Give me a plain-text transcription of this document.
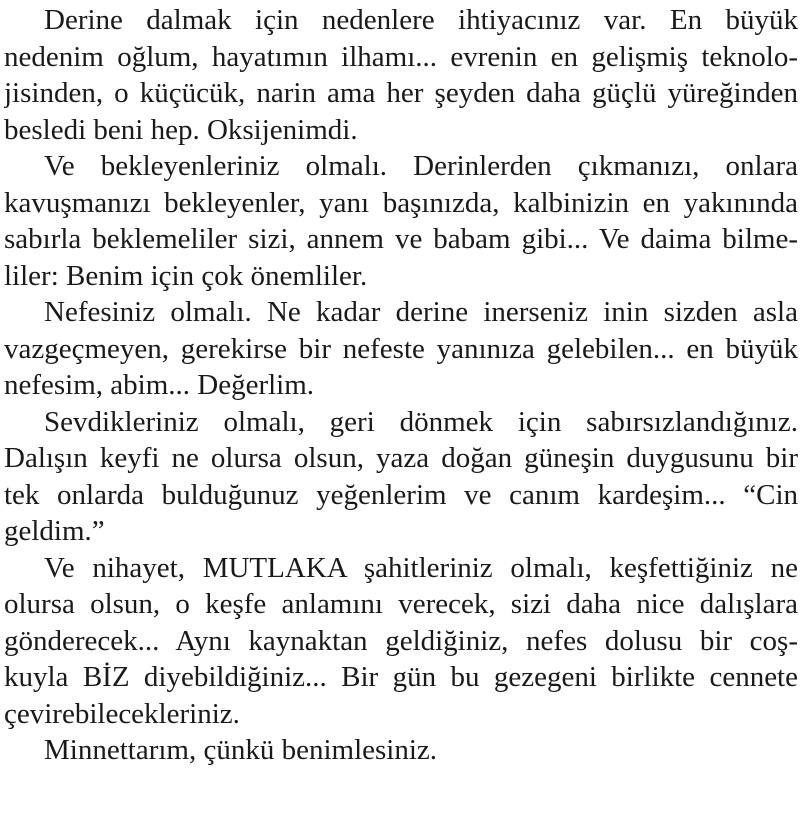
Derine dalmak için nedenlere ihtiyacınız var. En büyük
nedenim oğlum, hayatımın ilhamı... evrenin en gelişmiş teknolo-
jisinden, o küçücük, narin ama her şeyden daha güçlü yüreğinden
besledi beni hep. Oksijenimdi.
Ve bekleyenleriniz olmalı. Derinlerden çıkmanızı, onlara
kavuşmanızı bekleyenler, yanı başınızda, kalbinizin en yakınında
sabırla beklemeliler sizi, annem ve babam gibi... Ve daima bilme-
liler: Benim için çok önemliler.
Nefesiniz olmalı. Ne kadar derine inerseniz inin sizden asla
vazgeçmeyen, gerekirse bir nefeste yanınıza gelebilen... en büyük
nefesim, abim... Değerlim.
Sevdikleriniz olmalı, geri dönmek için sabırsızlandığınız.
Dalışın keyfi ne olursa olsun, yaza doğan güneşin duygusunu bir
tek onlarda bulduğunuz yeğenlerim ve canım kardeşim... “Cin
geldim.”
Ve nihayet, MUTLAKA şahitleriniz olmalı, keşfettiğiniz ne
olursa olsun, o keşfe anlamını verecek, sizi daha nice dalışlara
gönderecek... Aynı kaynaktan geldiğiniz, nefes dolusu bir coş-
kuyla BİZ diyebildiğiniz... Bir gün bu gezegeni birlikte cennete
çevirebilecekleriniz.
Minnettarım, çünkü benimlesiniz.
